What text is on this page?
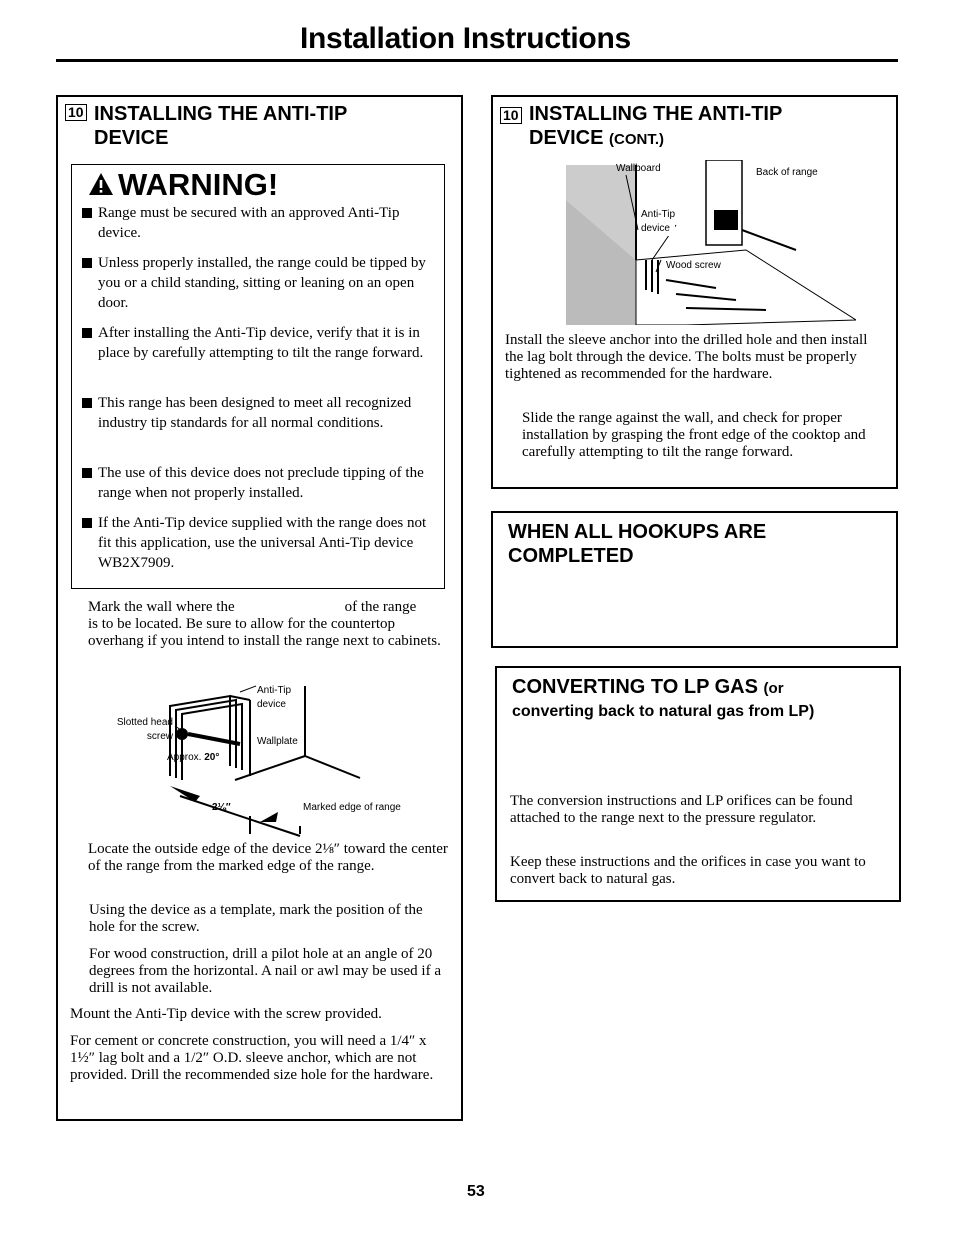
Installation Instructions
10 INSTALLING THE ANTI-TIP
DEVICE
WARNING!
Range must be secured with an approved Anti-Tip device.
Unless properly installed, the range could be tipped by you or a child standing, sitting or leaning on an open door.
After installing the Anti-Tip device, verify that it is in place by carefully attempting to tilt the range forward.
This range has been designed to meet all recognized industry tip standards for all normal conditions.
The use of this device does not preclude tipping of the range when not properly installed.
If the Anti-Tip device supplied with the range does not fit this application, use the universal Anti-Tip device WB2X7909.
Mark the wall where the	of the range
is to be located. Be sure to allow for the countertop overhang if you intend to install the range next to cabinets.
Anti-Tip
device
Slotted head
screw	Wallplate
Approx. 20°
2⅛″	Marked edge of range
Locate the outside edge of the device 2⅛″ toward the center of the range from the marked edge of the range.
Using the device as a template, mark the position of the hole for the screw.
For wood construction, drill a pilot hole at an angle of 20 degrees from the horizontal. A nail or awl may be used if a drill is not available.
Mount the Anti-Tip device with the screw provided.
For cement or concrete construction, you will need a 1/4″ x 1½″ lag bolt and a 1/2″ O.D. sleeve anchor, which are not provided. Drill the recommended size hole for the hardware.
10 INSTALLING THE ANTI-TIP
DEVICE (CONT.)
Wallboard	Back of range
Anti-Tip
device
Wood screw
Install the sleeve anchor into the drilled hole and then install the lag bolt through the device. The bolts must be properly tightened as recommended for the hardware.
Slide the range against the wall, and check for proper installation by grasping the front edge of the cooktop and carefully attempting to tilt the range forward.
WHEN ALL HOOKUPS ARE
COMPLETED
CONVERTING TO LP GAS (or
converting back to natural gas from LP)
The conversion instructions and LP orifices can be found attached to the range next to the pressure regulator.
Keep these instructions and the orifices in case you want to convert back to natural gas.
53
